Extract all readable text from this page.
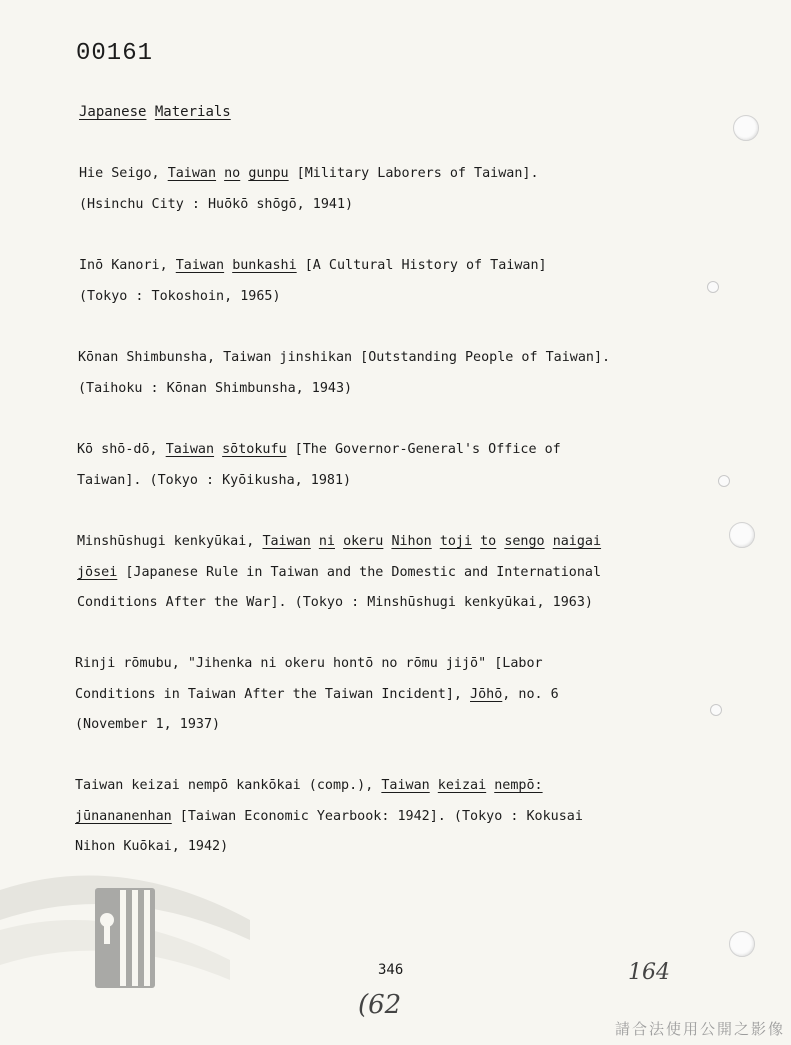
00161
Japanese Materials
Hie Seigo, Taiwan no gunpu [Military Laborers of Taiwan].
(Hsinchu City : Huōkō shōgō, 1941)
Inō Kanori, Taiwan bunkashi [A Cultural History of Taiwan]
(Tokyo : Tokoshoin, 1965)
Kōnan Shimbunsha, Taiwan jinshikan [Outstanding People of Taiwan].
(Taihoku : Kōnan Shimbunsha, 1943)
Kō shō-dō, Taiwan sōtokufu [The Governor-General's Office of
Taiwan]. (Tokyo : Kyōikusha, 1981)
Minshūshugi kenkyūkai, Taiwan ni okeru Nihon toji to sengo naigai
jōsei [Japanese Rule in Taiwan and the Domestic and International
Conditions After the War]. (Tokyo : Minshūshugi kenkyūkai, 1963)
Rinji rōmubu, "Jihenka ni okeru hontō no rōmu jijō" [Labor
Conditions in Taiwan After the Taiwan Incident], Jōhō, no. 6
(November 1, 1937)
Taiwan keizai nempō kankōkai (comp.), Taiwan keizai nempō:
jūnananenhan [Taiwan Economic Yearbook: 1942]. (Tokyo : Kokusai
Nihon Kuōkai, 1942)
346	164
(62
請合法使用公開之影像
